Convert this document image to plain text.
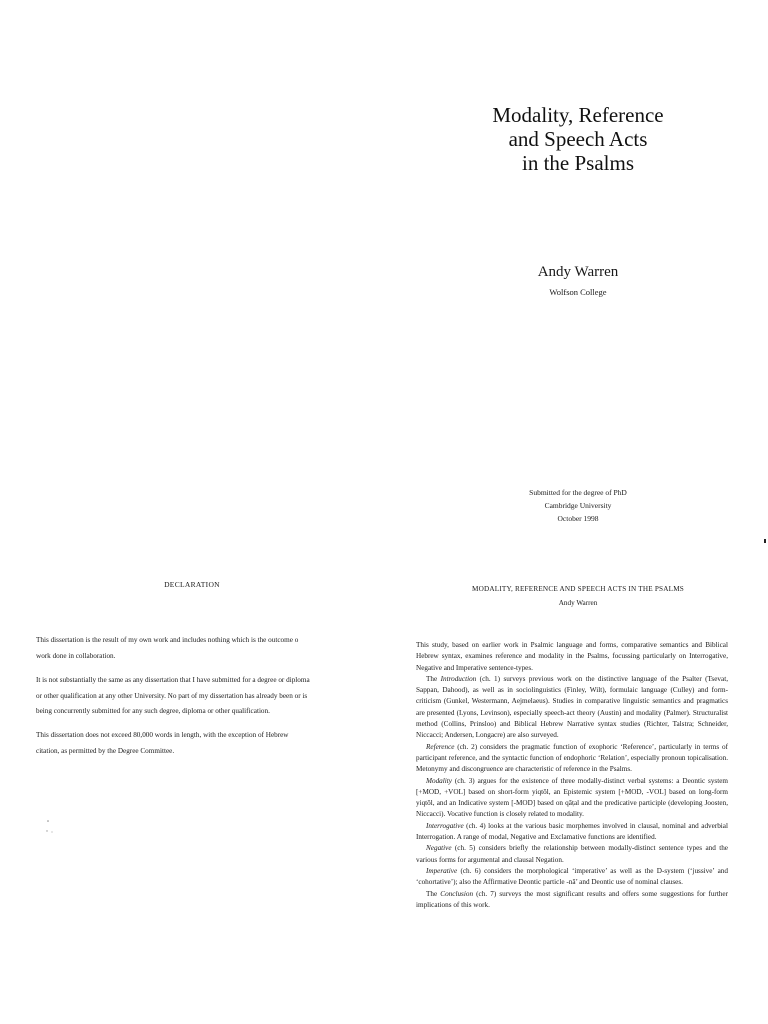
Modality, Reference
and Speech Acts
in the Psalms
Andy Warren
Wolfson College
Submitted for the degree of PhD
Cambridge University
October 1998
DECLARATION
This dissertation is the result of my own work and includes nothing which is the outcome o
work done in collaboration.
It is not substantially the same as any dissertation that I have submitted for a degree or diploma
or other qualification at any other University. No part of my dissertation has already been or is
being concurrently submitted for any such degree, diploma or other qualification.
This dissertation does not exceed 80,000 words in length, with the exception of Hebrew
citation, as permitted by the Degree Committee.
MODALITY, REFERENCE AND SPEECH ACTS IN THE PSALMS
Andy Warren

This study, based on earlier work in Psalmic language and forms, comparative semantics and Biblical Hebrew syntax, examines reference and modality in the Psalms, focussing particularly on Interrogative, Negative and Imperative sentence-types.

The Introduction (ch. 1) surveys previous work on the distinctive language of the Psalter (Tsevat, Sappan, Dahood), as well as in sociolinguistics (Finley, Wilt), formulaic language (Culley) and form-criticism (Gunkel, Westermann, Aejmelaeus). Studies in comparative linguistic semantics and pragmatics are presented (Lyons, Levinson), especially speech-act theory (Austin) and modality (Palmer). Structuralist method (Collins, Prinsloo) and Biblical Hebrew Narrative syntax studies (Richter, Talstra; Schneider, Niccacci; Andersen, Longacre) are also surveyed.

Reference (ch. 2) considers the pragmatic function of exophoric ‘Reference’, particularly in terms of participant reference, and the syntactic function of endophoric ‘Relation’, especially pronoun topicalisation. Metonymy and discongruence are characteristic of reference in the Psalms.

Modality (ch. 3) argues for the existence of three modally-distinct verbal systems: a Deontic system [+MOD, +VOL] based on short-form yiqtōl, an Epistemic system [+MOD, -VOL] based on long-form yiqtōl, and an Indicative system [-MOD] based on qāṭal and the predicative participle (developing Joosten, Niccacci). Vocative function is closely related to modality.

Interrogative (ch. 4) looks at the various basic morphemes involved in clausal, nominal and adverbial Interrogation. A range of modal, Negative and Exclamative functions are identified.

Negative (ch. 5) considers briefly the relationship between modally-distinct sentence types and the various forms for argumental and clausal Negation.

Imperative (ch. 6) considers the morphological ‘imperative’ as well as the D-system (‘jussive’ and ‘cohortative’); also the Affirmative Deontic particle -nā’ and Deontic use of nominal clauses.

The Conclusion (ch. 7) surveys the most significant results and offers some suggestions for further implications of this work.
